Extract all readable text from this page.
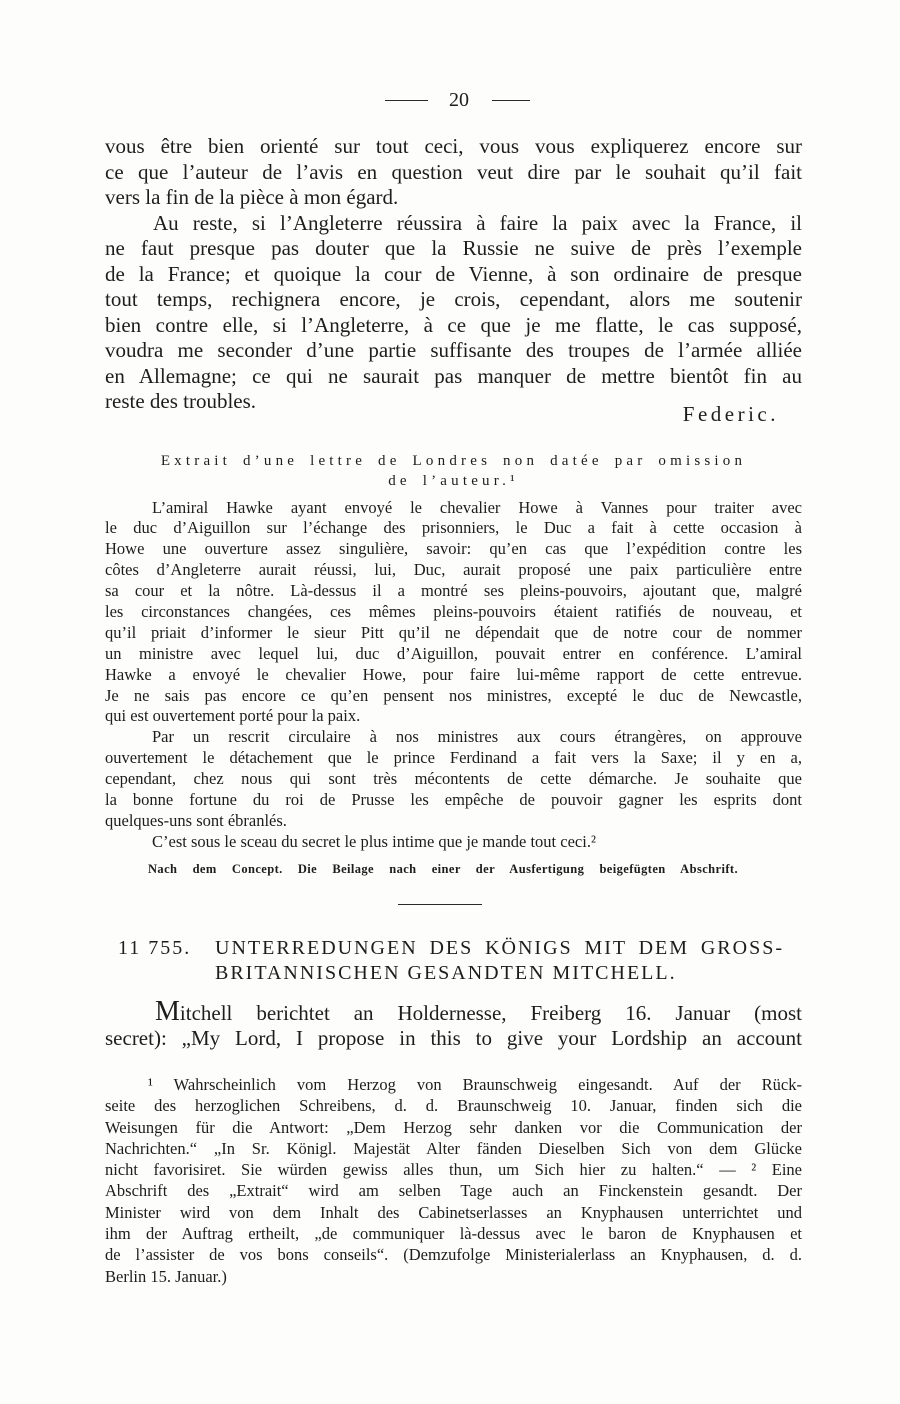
20
vous être bien orienté sur tout ceci, vous vous expliquerez encore sur
ce que l’auteur de l’avis en question veut dire par le souhait qu’il fait
vers la fin de la pièce à mon égard.
Au reste, si l’Angleterre réussira à faire la paix avec la France, il
ne faut presque pas douter que la Russie ne suive de près l’exemple
de la France; et quoique la cour de Vienne, à son ordinaire de presque
tout temps, rechignera encore, je crois, cependant, alors me soutenir
bien contre elle, si l’Angleterre, à ce que je me flatte, le cas supposé,
voudra me seconder d’une partie suffisante des troupes de l’armée alliée
en Allemagne; ce qui ne saurait pas manquer de mettre bientôt fin au
reste des troubles.
Federic.
Extrait d’une lettre de Londres non datée par omission
de l’auteur.¹
L’amiral Hawke ayant envoyé le chevalier Howe à Vannes pour traiter avec
le duc d’Aiguillon sur l’échange des prisonniers, le Duc a fait à cette occasion à
Howe une ouverture assez singulière, savoir: qu’en cas que l’expédition contre les
côtes d’Angleterre aurait réussi, lui, Duc, aurait proposé une paix particulière entre
sa cour et la nôtre. Là-dessus il a montré ses pleins-pouvoirs, ajoutant que, malgré
les circonstances changées, ces mêmes pleins-pouvoirs étaient ratifiés de nouveau, et
qu’il priait d’informer le sieur Pitt qu’il ne dépendait que de notre cour de nommer
un ministre avec lequel lui, duc d’Aiguillon, pouvait entrer en conférence. L’amiral
Hawke a envoyé le chevalier Howe, pour faire lui-même rapport de cette entrevue.
Je ne sais pas encore ce qu’en pensent nos ministres, excepté le duc de Newcastle,
qui est ouvertement porté pour la paix.
Par un rescrit circulaire à nos ministres aux cours étrangères, on approuve
ouvertement le détachement que le prince Ferdinand a fait vers la Saxe; il y en a,
cependant, chez nous qui sont très mécontents de cette démarche. Je souhaite que
la bonne fortune du roi de Prusse les empêche de pouvoir gagner les esprits dont
quelques-uns sont ébranlés.
C’est sous le sceau du secret le plus intime que je mande tout ceci.²
Nach dem Concept. Die Beilage nach einer der Ausfertigung beigefügten Abschrift.
11 755. UNTERREDUNGEN DES KÖNIGS MIT DEM GROSS-
BRITANNISCHEN GESANDTEN MITCHELL.
Mitchell berichtet an Holdernesse, Freiberg 16. Januar (most
secret): „My Lord, I propose in this to give your Lordship an account
¹ Wahrscheinlich vom Herzog von Braunschweig eingesandt. Auf der Rück-
seite des herzoglichen Schreibens, d. d. Braunschweig 10. Januar, finden sich die
Weisungen für die Antwort: „Dem Herzog sehr danken vor die Communication der
Nachrichten.“ „In Sr. Königl. Majestät Alter fänden Dieselben Sich von dem Glücke
nicht favorisiret. Sie würden gewiss alles thun, um Sich hier zu halten.“ — ² Eine
Abschrift des „Extrait“ wird am selben Tage auch an Finckenstein gesandt. Der
Minister wird von dem Inhalt des Cabinetserlasses an Knyphausen unterrichtet und
ihm der Auftrag ertheilt, „de communiquer là-dessus avec le baron de Knyphausen et
de l’assister de vos bons conseils“. (Demzufolge Ministerialerlass an Knyphausen, d. d.
Berlin 15. Januar.)
